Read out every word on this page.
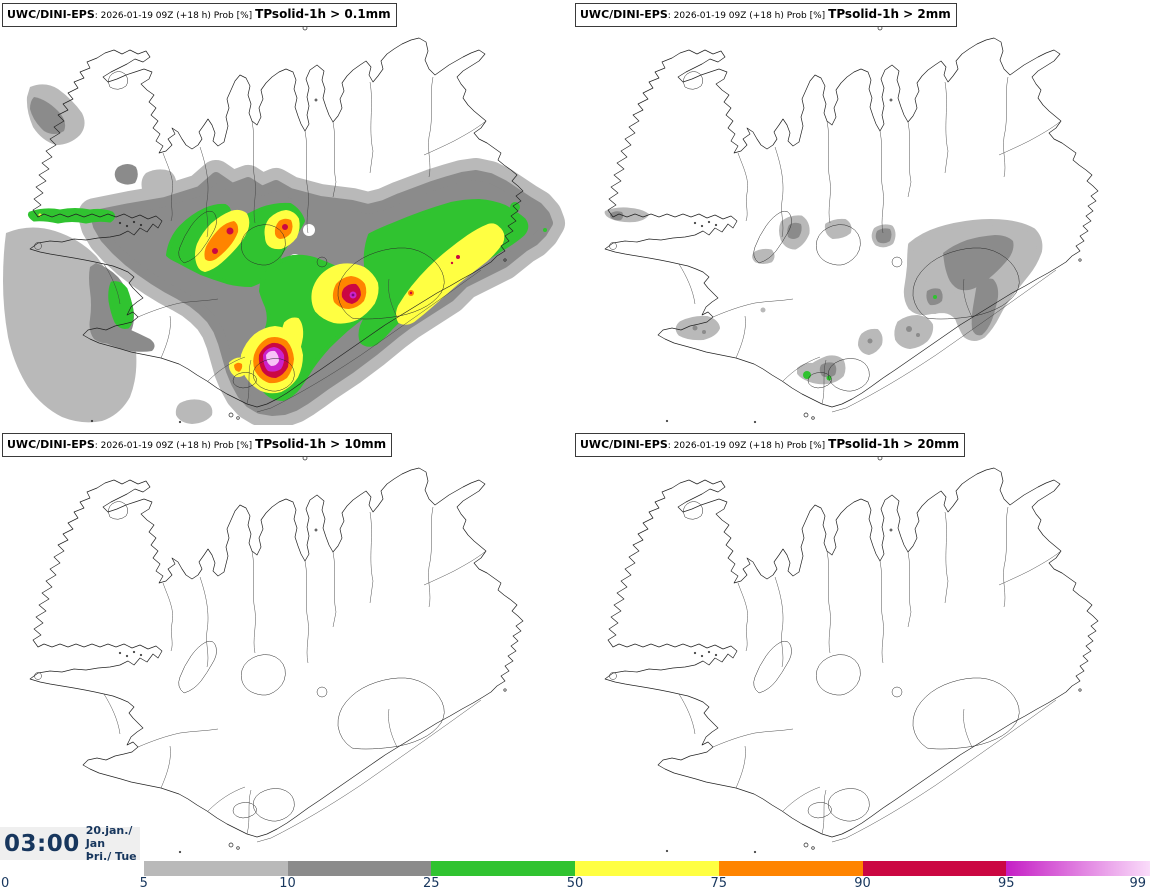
UWC/DINI-EPS: 2026-01-19 09Z (+18 h) Prob [%] TPsolid-1h > 0.1mm	UWC/DINI-EPS: 2026-01-19 09Z (+18 h) Prob [%] TPsolid-1h > 2mm
UWC/DINI-EPS: 2026-01-19 09Z (+18 h) Prob [%] TPsolid-1h > 10mm	UWC/DINI-EPS: 2026-01-19 09Z (+18 h) Prob [%] TPsolid-1h > 20mm
03:00 20.jan./ Jan
Þri./ Tue
0	5	10	25	50	75	90	95	99
